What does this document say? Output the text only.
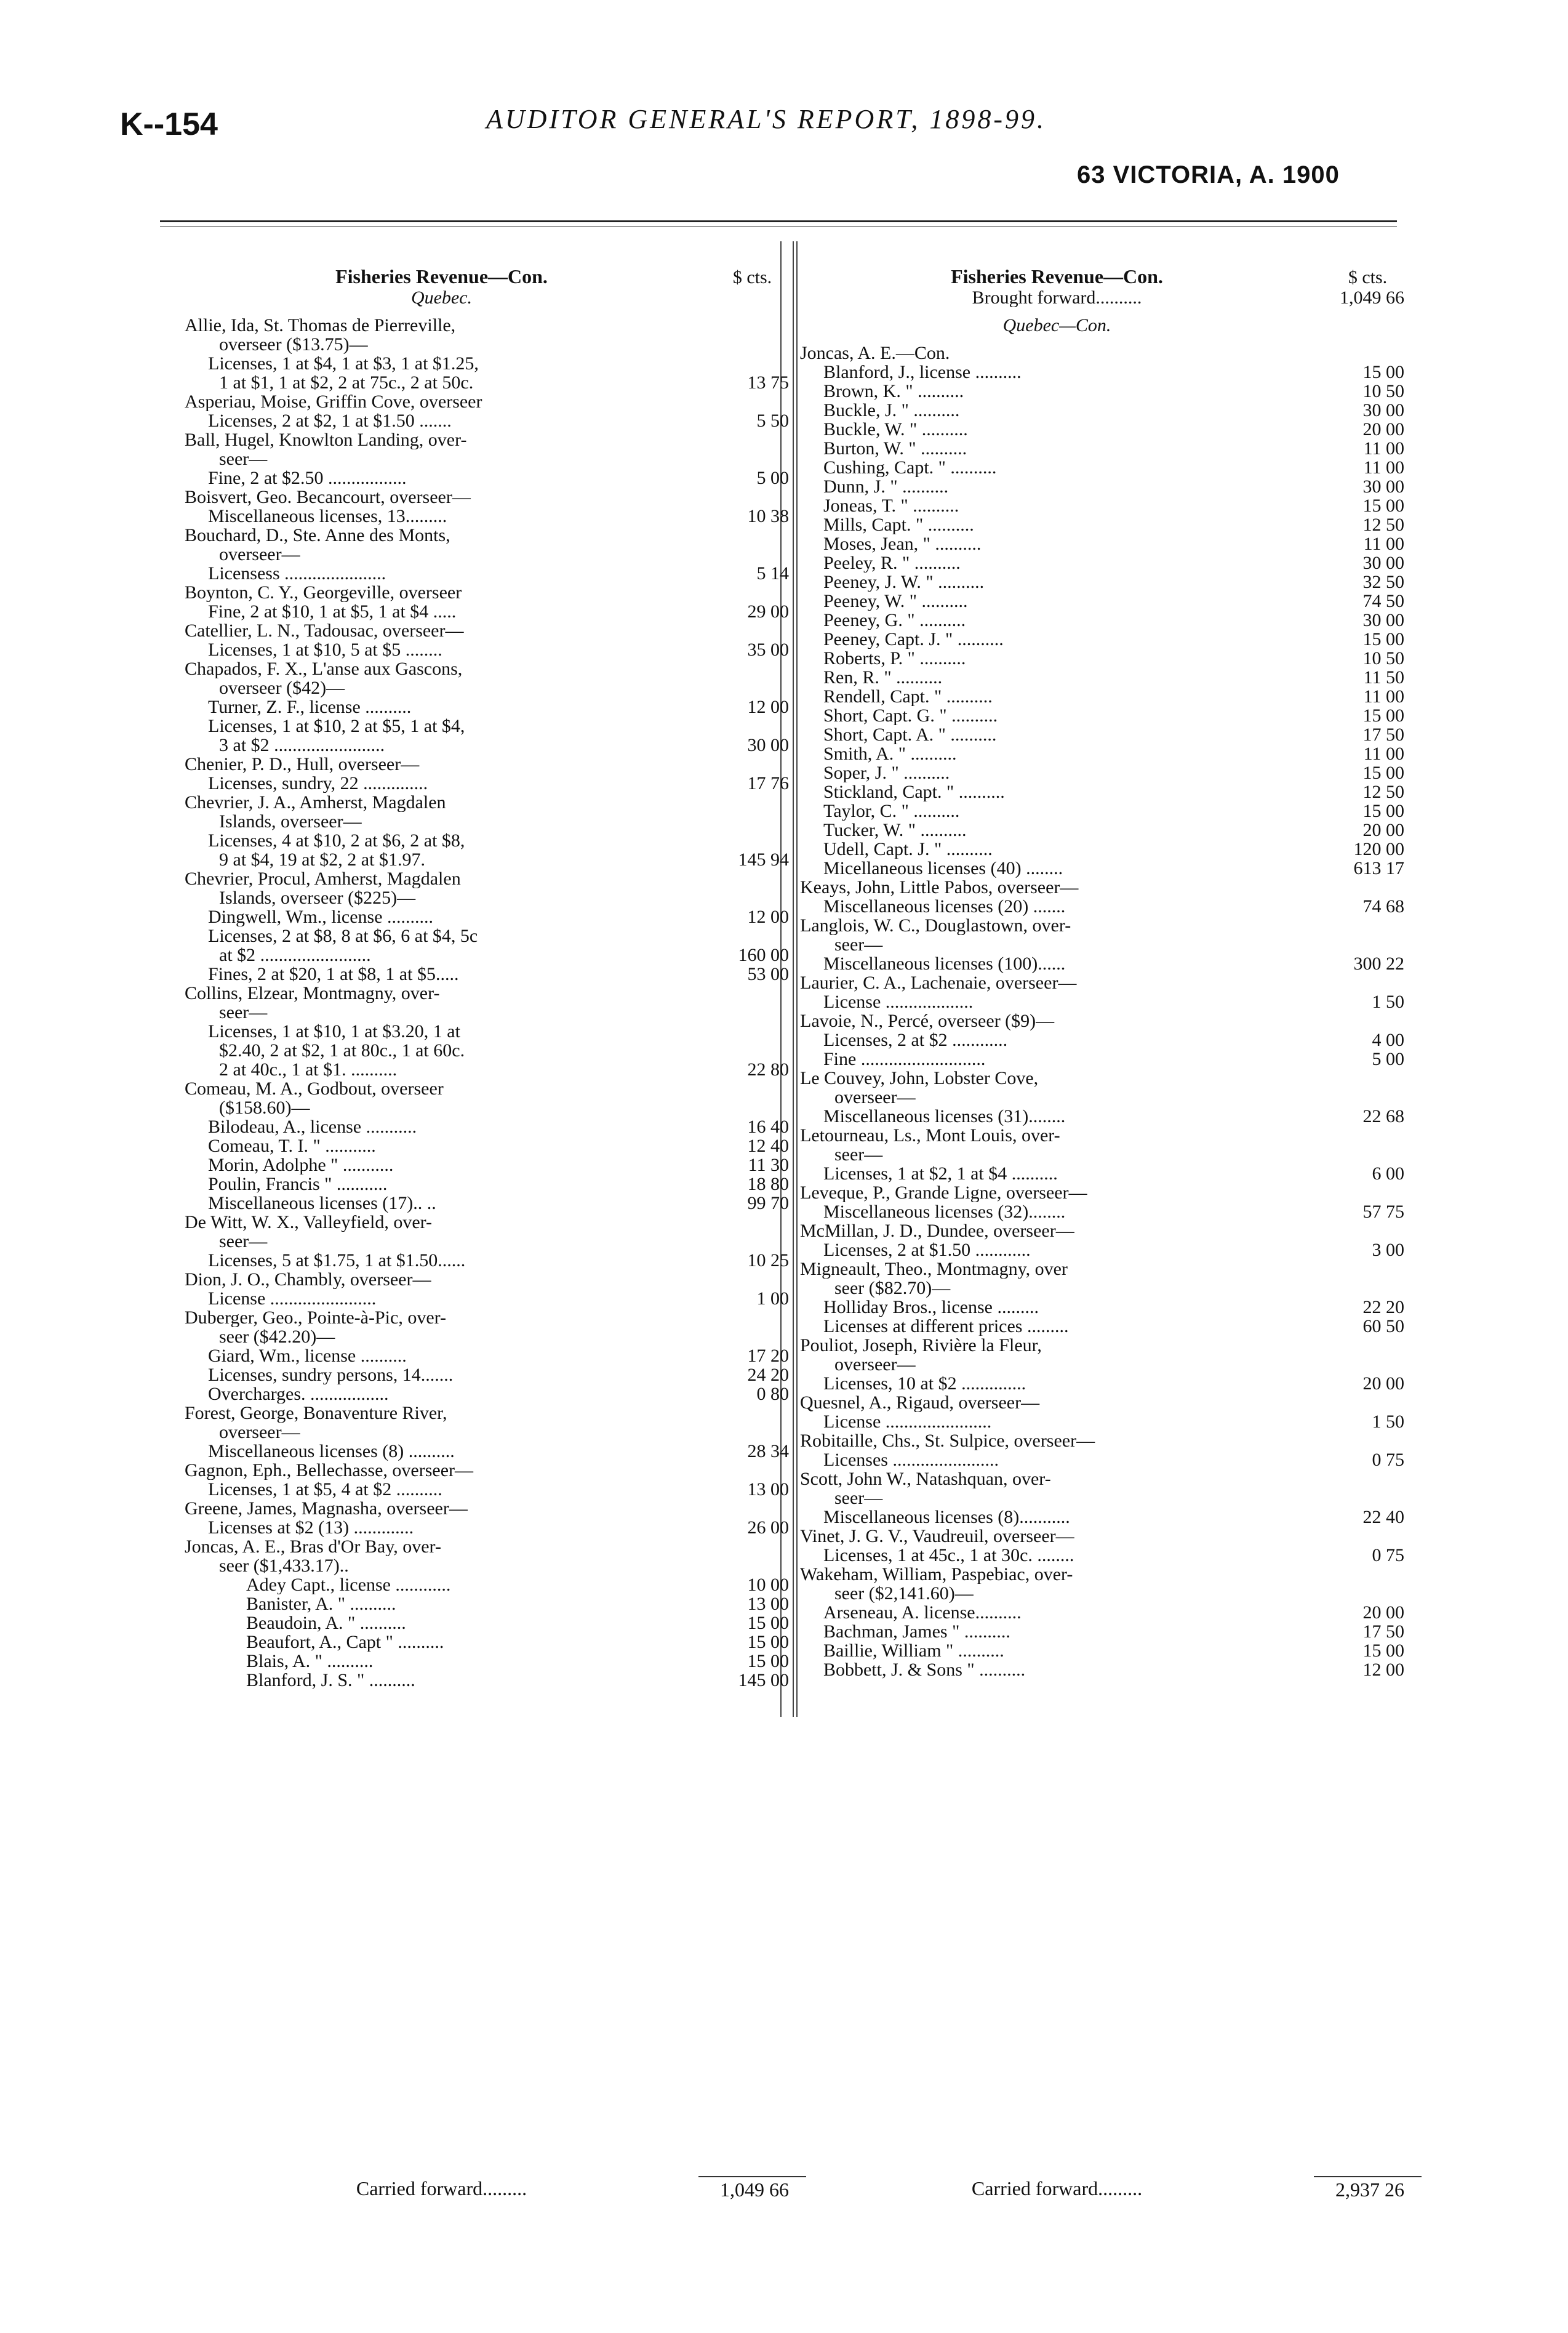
K--154	AUDITOR GENERAL'S REPORT, 1898-99.
63 VICTORIA, A. 1900
Fisheries Revenue—Con.	$ cts.
Quebec.
Allie, Ida, St. Thomas de Pierreville,
overseer ($13.75)—
Licenses, 1 at $4, 1 at $3, 1 at $1.25,
1 at $1, 1 at $2, 2 at 75c., 2 at 50c.	13 75
Asperiau, Moise, Griffin Cove, overseer
Licenses, 2 at $2, 1 at $1.50 .......	5 50
Ball, Hugel, Knowlton Landing, over-
seer—
Fine, 2 at $2.50 .................	5 00
Boisvert, Geo. Becancourt, overseer—
Miscellaneous licenses, 13.........	10 38
Bouchard, D., Ste. Anne des Monts,
overseer—
Licensess ......................	5 14
Boynton, C. Y., Georgeville, overseer
Fine, 2 at $10, 1 at $5, 1 at $4 .....	29 00
Catellier, L. N., Tadousac, overseer—
Licenses, 1 at $10, 5 at $5 ........	35 00
Chapados, F. X., L'anse aux Gascons,
overseer ($42)—
Turner, Z. F., license ..........	12 00
Licenses, 1 at $10, 2 at $5, 1 at $4,
3 at $2 ........................	30 00
Chenier, P. D., Hull, overseer—
Licenses, sundry, 22 ..............	17 76
Chevrier, J. A., Amherst, Magdalen
Islands, overseer—
Licenses, 4 at $10, 2 at $6, 2 at $8,
9 at $4, 19 at $2, 2 at $1.97.	145 94
Chevrier, Procul, Amherst, Magdalen
Islands, overseer ($225)—
Dingwell, Wm., license ..........	12 00
Licenses, 2 at $8, 8 at $6, 6 at $4, 5c
at $2 ........................	160 00
Fines, 2 at $20, 1 at $8, 1 at $5.....	53 00
Collins, Elzear, Montmagny, over-
seer—
Licenses, 1 at $10, 1 at $3.20, 1 at
$2.40, 2 at $2, 1 at 80c., 1 at 60c.
2 at 40c., 1 at $1. ..........	22 80
Comeau, M. A., Godbout, overseer
($158.60)—
Bilodeau, A., license ...........	16 40
Comeau, T. I. " ...........	12 40
Morin, Adolphe " ...........	11 30
Poulin, Francis " ...........	18 80
Miscellaneous licenses (17).. ..	99 70
De Witt, W. X., Valleyfield, over-
seer—
Licenses, 5 at $1.75, 1 at $1.50......	10 25
Dion, J. O., Chambly, overseer—
License .......................	1 00
Duberger, Geo., Pointe-à-Pic, over-
seer ($42.20)—
Giard, Wm., license ..........	17 20
Licenses, sundry persons, 14.......	24 20
Overcharges. .................	0 80
Forest, George, Bonaventure River,
overseer—
Miscellaneous licenses (8) ..........	28 34
Gagnon, Eph., Bellechasse, overseer—
Licenses, 1 at $5, 4 at $2 ..........	13 00
Greene, James, Magnasha, overseer—
Licenses at $2 (13) .............	26 00
Joncas, A. E., Bras d'Or Bay, over-
seer ($1,433.17)..
Adey Capt., license ............	10 00
Banister, A. " ..........	13 00
Beaudoin, A. " ..........	15 00
Beaufort, A., Capt " ..........	15 00
Blais, A. " ..........	15 00
Blanford, J. S. " ..........	145 00
Fisheries Revenue—Con.	$ cts.
Brought forward..........	1,049 66
Quebec—Con.
Joncas, A. E.—Con.
Blanford, J., license ..........	15 00
Brown, K. " ..........	10 50
Buckle, J. " ..........	30 00
Buckle, W. " ..........	20 00
Burton, W. " ..........	11 00
Cushing, Capt. " ..........	11 00
Dunn, J. " ..........	30 00
Joneas, T. " ..........	15 00
Mills, Capt. " ..........	12 50
Moses, Jean, " ..........	11 00
Peeley, R. " ..........	30 00
Peeney, J. W. " ..........	32 50
Peeney, W. " ..........	74 50
Peeney, G. " ..........	30 00
Peeney, Capt. J. " ..........	15 00
Roberts, P. " ..........	10 50
Ren, R. " ..........	11 50
Rendell, Capt. " ..........	11 00
Short, Capt. G. " ..........	15 00
Short, Capt. A. " ..........	17 50
Smith, A. " ..........	11 00
Soper, J. " ..........	15 00
Stickland, Capt. " ..........	12 50
Taylor, C. " ..........	15 00
Tucker, W. " ..........	20 00
Udell, Capt. J. " ..........	120 00
Micellaneous licenses (40) ........	613 17
Keays, John, Little Pabos, overseer—
Miscellaneous licenses (20) .......	74 68
Langlois, W. C., Douglastown, over-
seer—
Miscellaneous licenses (100)......	300 22
Laurier, C. A., Lachenaie, overseer—
License ...................	1 50
Lavoie, N., Percé, overseer ($9)—
Licenses, 2 at $2 ............	4 00
Fine ...........................	5 00
Le Couvey, John, Lobster Cove,
overseer—
Miscellaneous licenses (31)........	22 68
Letourneau, Ls., Mont Louis, over-
seer—
Licenses, 1 at $2, 1 at $4 ..........	6 00
Leveque, P., Grande Ligne, overseer—
Miscellaneous licenses (32)........	57 75
McMillan, J. D., Dundee, overseer—
Licenses, 2 at $1.50 ............	3 00
Migneault, Theo., Montmagny, over
seer ($82.70)—
Holliday Bros., license .........	22 20
Licenses at different prices .........	60 50
Pouliot, Joseph, Rivière la Fleur,
overseer—
Licenses, 10 at $2 ..............	20 00
Quesnel, A., Rigaud, overseer—
License .......................	1 50
Robitaille, Chs., St. Sulpice, overseer—
Licenses .......................	0 75
Scott, John W., Natashquan, over-
seer—
Miscellaneous licenses (8)...........	22 40
Vinet, J. G. V., Vaudreuil, overseer—
Licenses, 1 at 45c., 1 at 30c. ........	0 75
Wakeham, William, Paspebiac, over-
seer ($2,141.60)—
Arseneau, A. license..........	20 00
Bachman, James " ..........	17 50
Baillie, William " ..........	15 00
Bobbett, J. & Sons " ..........	12 00
Carried forward.........	1,049 66	Carried forward.........	2,937 26
